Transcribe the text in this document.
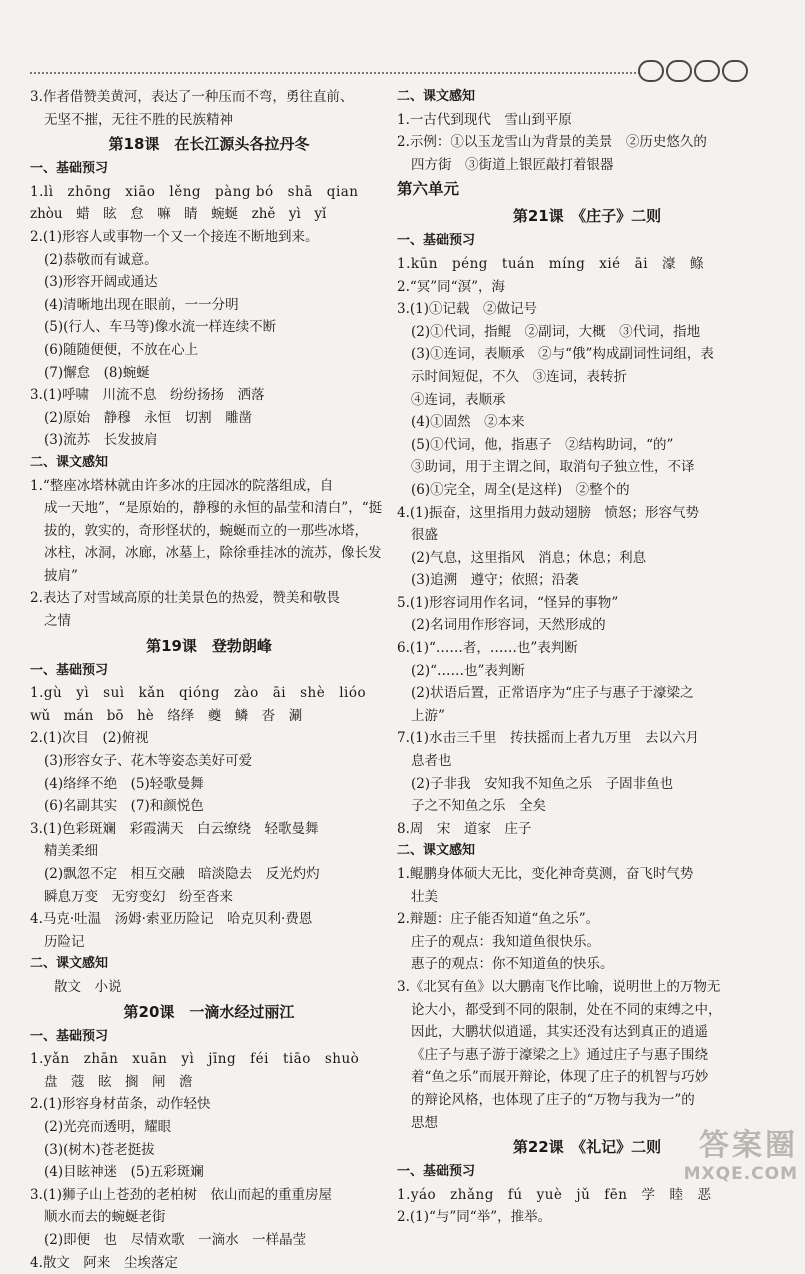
3.作者借赞美黄河，表达了一种压而不弯，勇往直前、
无坚不摧，无往不胜的民族精神
第18课　在长江源头各拉丹冬
一、基础预习
1.lì　zhōng　xiāo　lěng　pàng bó　shā　qian
zhòu　蜡　眩　怠　嘛　睛　蜿蜒　zhě　yì　yǐ
2.(1)形容人或事物一个又一个接连不断地到来。
(2)恭敬而有诚意。
(3)形容开阔或通达
(4)清晰地出现在眼前，一一分明
(5)(行人、车马等)像水流一样连续不断
(6)随随便便，不放在心上
(7)懈怠　(8)蜿蜒
3.(1)呼啸　川流不息　纷纷扬扬　洒落
(2)原始　静穆　永恒　切割　雕凿
(3)流苏　长发披肩
二、课文感知
1.“整座冰塔林就由许多冰的庄园冰的院落组成，自
成一天地”，“是原始的，静穆的永恒的晶莹和清白”，“挺
拔的，敦实的，奇形怪状的，蜿蜒而立的一那些冰塔，
冰柱，冰洞，冰廊，冰墓上，除徐垂挂冰的流苏，像长发
披肩”
2.表达了对雪域高原的壮美景色的热爱，赞美和敬畏
之情
第19课　登勃朗峰
一、基础预习
1.gù　yì　suì　kǎn　qióng　zào　āi　shè　lióo
wǔ　mán　bō　hè　络绎　夔　鳞　沓　涮
2.(1)次目　(2)俯视
(3)形容女子、花木等姿态美好可爱
(4)络绎不绝　(5)轻歌曼舞
(6)名副其实　(7)和颜悦色
3.(1)色彩斑斓　彩霞满天　白云缭绕　轻歌曼舞
精美柔细
(2)飘忽不定　相互交融　暗淡隐去　反光灼灼
瞬息万变　无穷变幻　纷至沓来
4.马克·吐温　汤姆·索亚历险记　哈克贝利·费恩
历险记
二、课文感知
散文　小说
第20课　一滴水经过丽江
一、基础预习
1.yǎn　zhān　xuān　yì　jīng　féi　tiāo　shuò
盘　蔻　眩　搁　闸　澹
2.(1)形容身材苗条，动作轻快
(2)光亮而透明，耀眼
(3)(树木)苍老挺拔
(4)目眩神迷　(5)五彩斑斓
3.(1)狮子山上苍劲的老柏树　依山而起的重重房屋
顺水而去的蜿蜒老街
(2)即便　也　尽情欢歌　一滴水　一样晶莹
4.散文　阿来　尘埃落定
二、课文感知
1.一古代到现代　雪山到平原
2.示例：①以玉龙雪山为背景的美景　②历史悠久的
四方街　③街道上银匠敲打着银器
第六单元
第21课　《庄子》二则
一、基础预习
1.kūn　péng　tuán　míng　xié　āi　濠　鲦
2.“冥”同“溟”，海
3.(1)①记载　②做记号
(2)①代词，指鲲　②副词，大概　③代词，指地
(3)①连词，表顺承　②与“俄”构成副词性词组，表
示时间短促，不久　③连词，表转折
④连词，表顺承
(4)①固然　②本来
(5)①代词，他，指惠子　②结构助词，“的”
③助词，用于主谓之间，取消句子独立性，不译
(6)①完全，周全(是这样)　②整个的
4.(1)振奋，这里指用力鼓动翅膀　愤怒；形容气势
很盛
(2)气息，这里指风　消息；休息；利息
(3)追溯　遵守；依照；沿袭
5.(1)形容词用作名词，“怪异的事物”
(2)名词用作形容词，天然形成的
6.(1)“……者，……也”表判断
(2)“……也”表判断
(2)状语后置，正常语序为“庄子与惠子于濠梁之
上游”
7.(1)水击三千里　抟扶摇而上者九万里　去以六月
息者也
(2)子非我　安知我不知鱼之乐　子固非鱼也
子之不知鱼之乐　全矣
8.周　宋　道家　庄子
二、课文感知
1.鲲鹏身体硕大无比，变化神奇莫测，奋飞时气势
壮美
2.辩题：庄子能否知道“鱼之乐”。
庄子的观点：我知道鱼很快乐。
惠子的观点：你不知道鱼的快乐。
3.《北冥有鱼》以大鹏南飞作比喻，说明世上的万物无
论大小，都受到不同的限制，处在不同的束缚之中，
因此，大鹏状似逍遥，其实还没有达到真正的逍遥
《庄子与惠子游于濠梁之上》通过庄子与惠子围绕
着“鱼之乐”而展开辩论，体现了庄子的机智与巧妙
的辩论风格，也体现了庄子的“万物与我为一”的
思想
第22课　《礼记》二则
一、基础预习
1.yáo　zhǎng　fú　yuè　jǔ　fēn　学　睦　恶
2.(1)“与”同“举”，推举。
答案圈
MXQE.COM
